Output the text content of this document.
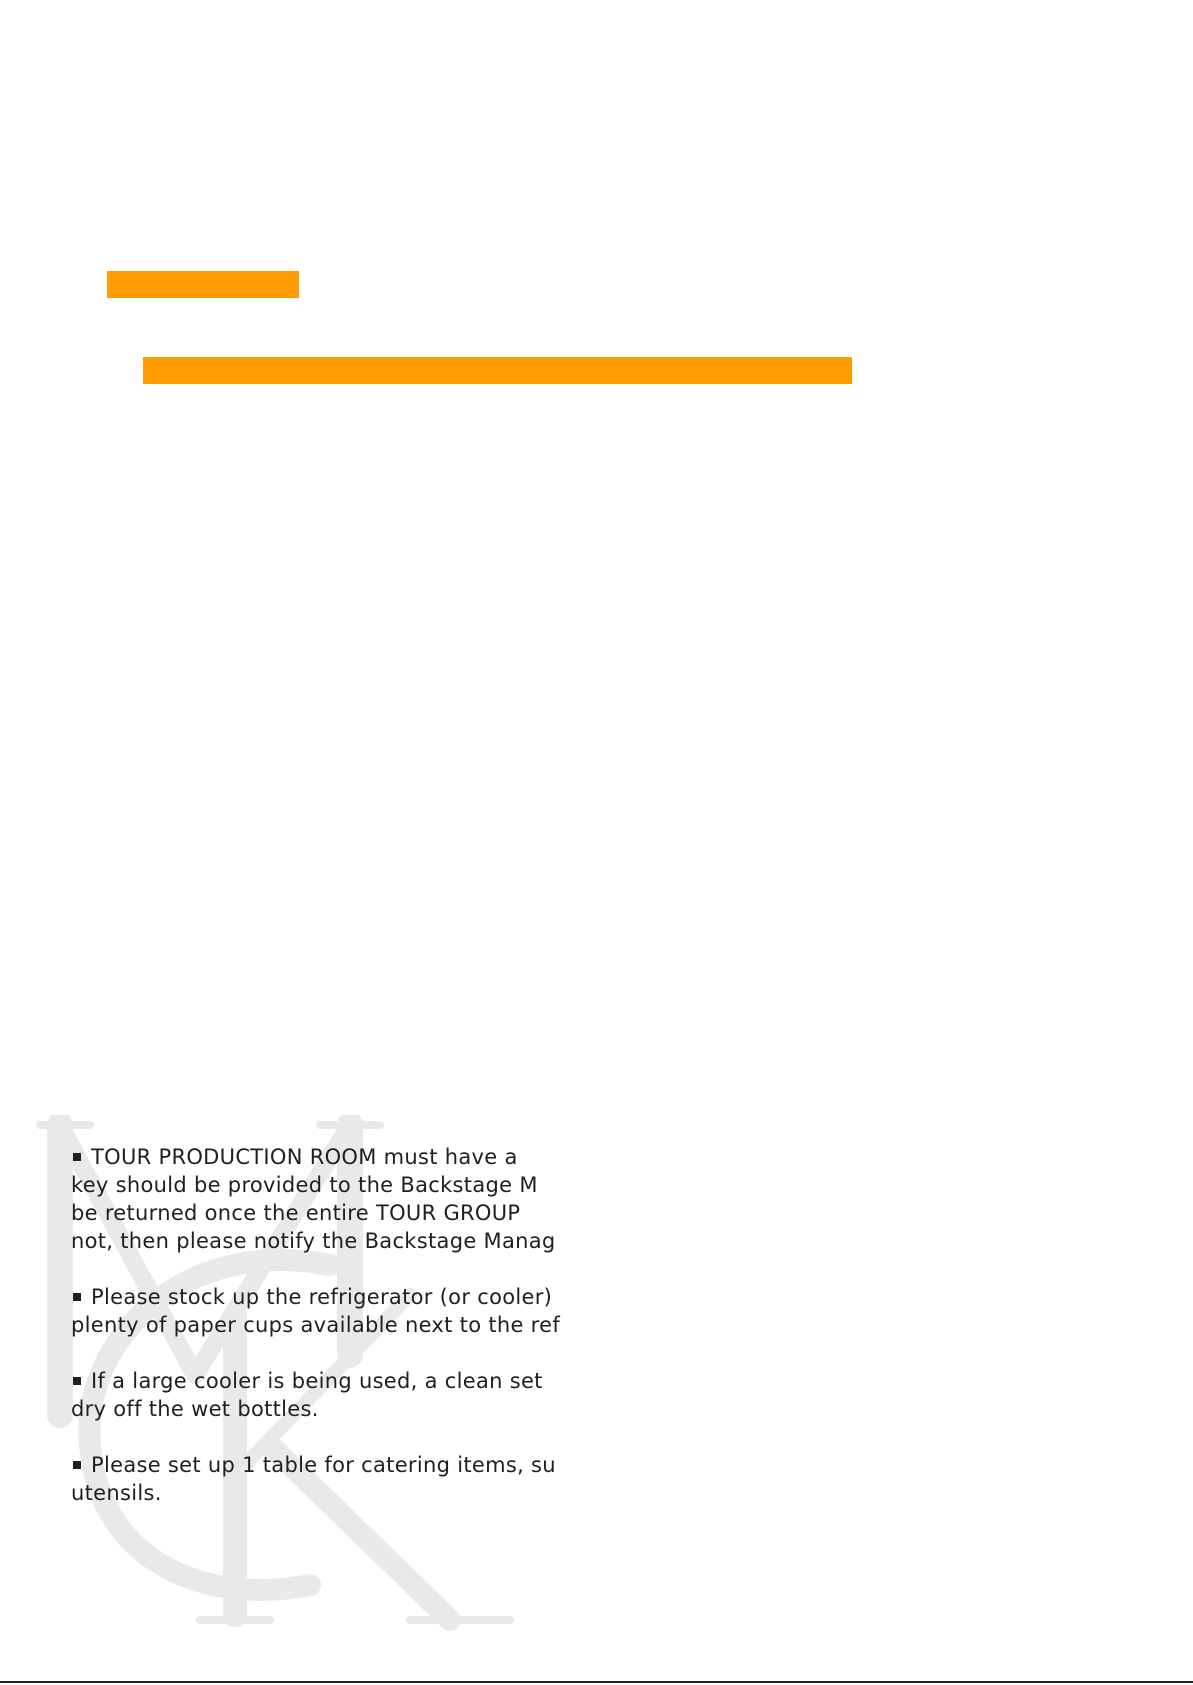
TOUR PRODUCTION ROOM must have a
key should be provided to the Backstage M
be returned once the entire TOUR GROUP
not, then please notify the Backstage Manag
Please stock up the refrigerator (or cooler)
plenty of paper cups available next to the ref
If a large cooler is being used, a clean set
dry off the wet bottles.
Please set up 1 table for catering items, su
utensils.
